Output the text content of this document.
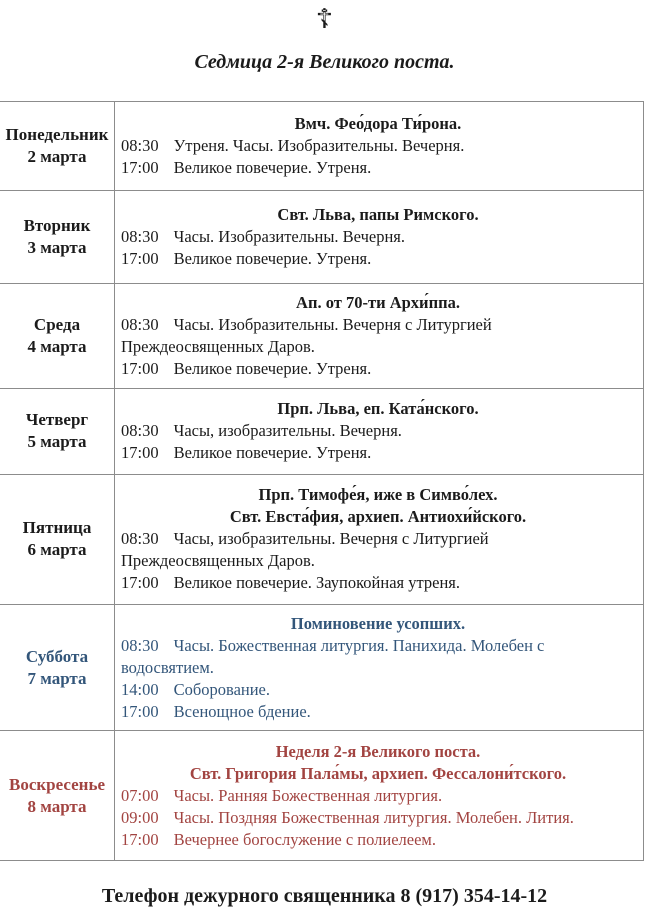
☦
Седмица 2-я Великого поста.
Понедельник
2 марта
Вмч. Фео́дора Ти́рона.
08:30 Утреня. Часы. Изобразительны. Вечерня.
17:00 Великое повечерие. Утреня.
Вторник
3 марта
Свт. Льва, папы Римского.
08:30 Часы. Изобразительны. Вечерня.
17:00 Великое повечерие. Утреня.
Среда
4 марта
Ап. от 70-ти Архи́ппа.
08:30 Часы. Изобразительны. Вечерня с Литургией Преждеосвященных Даров.
17:00 Великое повечерие. Утреня.
Четверг
5 марта
Прп. Льва, еп. Ката́нского.
08:30 Часы, изобразительны. Вечерня.
17:00 Великое повечерие. Утреня.
Пятница
6 марта
Прп. Тимофе́я, иже в Симво́лех.
Свт. Евста́фия, архиеп. Антиохи́йского.
08:30 Часы, изобразительны. Вечерня с Литургией Преждеосвященных Даров.
17:00 Великое повечерие. Заупокойная утреня.
Суббота
7 марта
Поминовение усопших.
08:30 Часы. Божественная литургия. Панихида. Молебен с водосвятием.
14:00 Соборование.
17:00 Всенощное бдение.
Воскресенье
8 марта
Неделя 2-я Великого поста.
Свт. Григория Пала́мы, архиеп. Фессалони́тского.
07:00 Часы. Ранняя Божественная литургия.
09:00 Часы. Поздняя Божественная литургия. Молебен. Лития.
17:00 Вечернее богослужение с полиелеем.
Телефон дежурного священника 8 (917) 354-14-12
